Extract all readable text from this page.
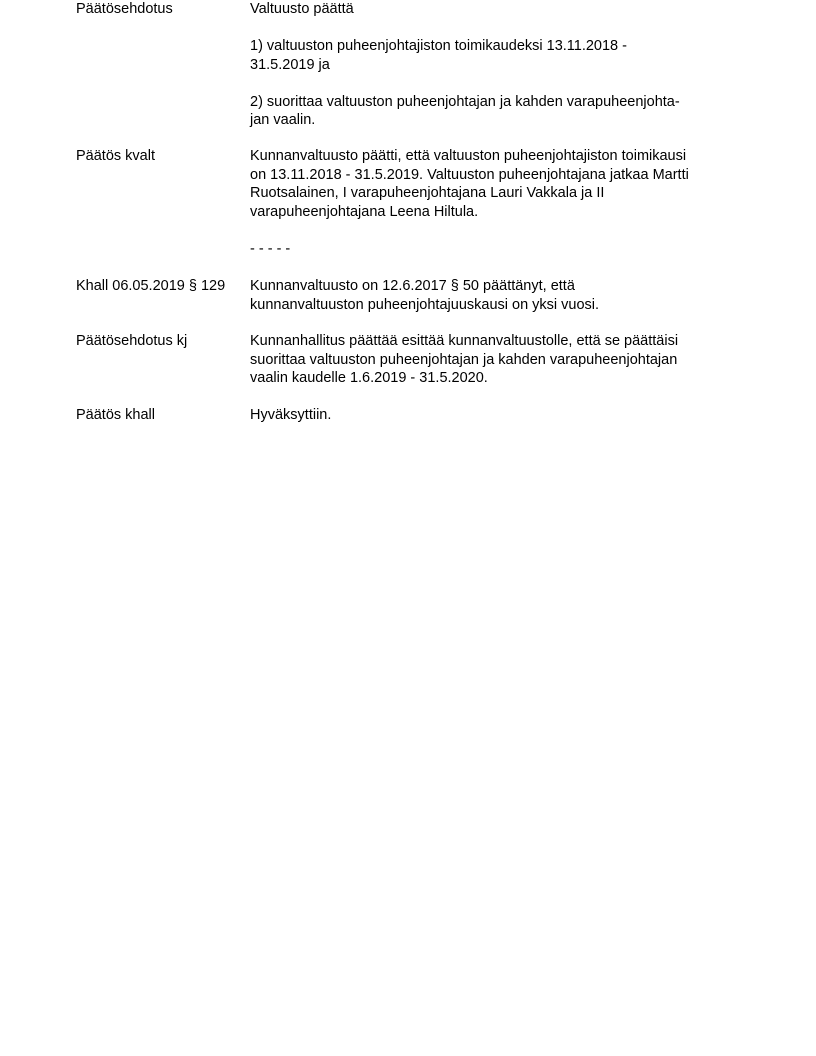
Päätösehdotus	Valtuusto päättä
1) valtuuston puheenjohtajiston toimikaudeksi 13.11.2018 -
31.5.2019 ja
2) suorittaa valtuuston puheenjohtajan ja kahden varapuheenjohta-
jan vaalin.
Päätös kvalt	Kunnanvaltuusto päätti, että valtuuston puheenjohtajiston toimikausi
on 13.11.2018 - 31.5.2019. Valtuuston puheenjohtajana jatkaa Martti
Ruotsalainen, I varapuheenjohtajana Lauri Vakkala ja II
varapuheenjohtajana Leena Hiltula.
- - - - -
Khall 06.05.2019 § 129	Kunnanvaltuusto on 12.6.2017 § 50 päättänyt, että
kunnanvaltuuston puheenjohtajuuskausi on yksi vuosi.
Päätösehdotus kj	Kunnanhallitus päättää esittää kunnanvaltuustolle, että se päättäisi
suorittaa valtuuston puheenjohtajan ja kahden varapuheenjohtajan
vaalin kaudelle 1.6.2019 - 31.5.2020.
Päätös khall	Hyväksyttiin.
